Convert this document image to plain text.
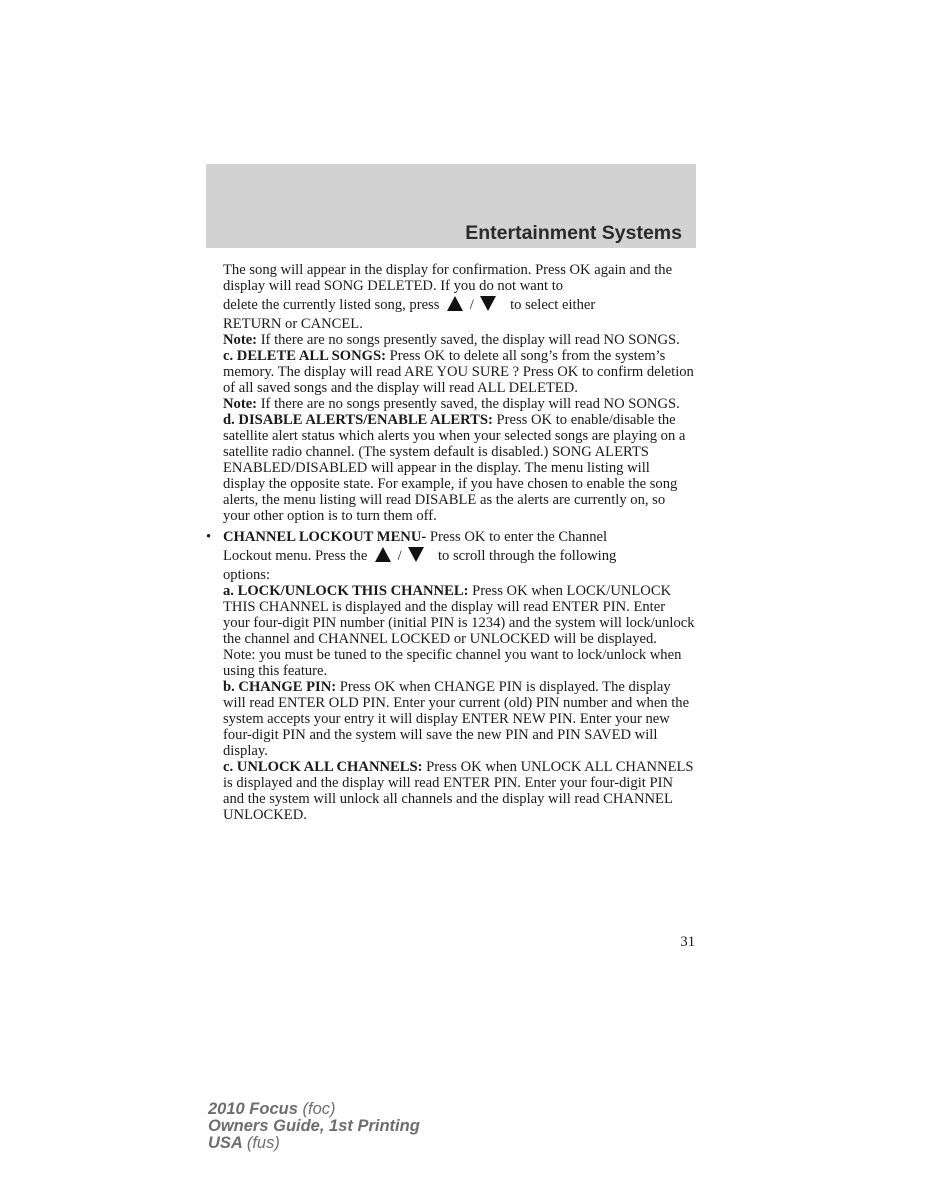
Entertainment Systems

The song will appear in the display for confirmation. Press OK again and the display will read SONG DELETED. If you do not want to

delete the currently listed song, press / to select either

RETURN or CANCEL.

Note: If there are no songs presently saved, the display will read NO SONGS.

c. DELETE ALL SONGS: Press OK to delete all song’s from the system’s memory. The display will read ARE YOU SURE ? Press OK to confirm deletion of all saved songs and the display will read ALL DELETED.

Note: If there are no songs presently saved, the display will read NO SONGS.

d. DISABLE ALERTS/ENABLE ALERTS: Press OK to enable/disable the satellite alert status which alerts you when your selected songs are playing on a satellite radio channel. (The system default is disabled.) SONG ALERTS ENABLED/DISABLED will appear in the display. The menu listing will display the opposite state. For example, if you have chosen to enable the song alerts, the menu listing will read DISABLE as the alerts are currently on, so your other option is to turn them off.

• CHANNEL LOCKOUT MENU- Press OK to enter the Channel

Lockout menu. Press the / to scroll through the following

options:

a. LOCK/UNLOCK THIS CHANNEL: Press OK when LOCK/UNLOCK THIS CHANNEL is displayed and the display will read ENTER PIN. Enter your four-digit PIN number (initial PIN is 1234) and the system will lock/unlock the channel and CHANNEL LOCKED or UNLOCKED will be displayed.

Note: you must be tuned to the specific channel you want to lock/unlock when using this feature.

b. CHANGE PIN: Press OK when CHANGE PIN is displayed. The display will read ENTER OLD PIN. Enter your current (old) PIN number and when the system accepts your entry it will display ENTER NEW PIN. Enter your new four-digit PIN and the system will save the new PIN and PIN SAVED will display.

c. UNLOCK ALL CHANNELS: Press OK when UNLOCK ALL CHANNELS is displayed and the display will read ENTER PIN. Enter your four-digit PIN and the system will unlock all channels and the display will read CHANNEL UNLOCKED.

31
2010 Focus (foc)
Owners Guide, 1st Printing
USA (fus)
